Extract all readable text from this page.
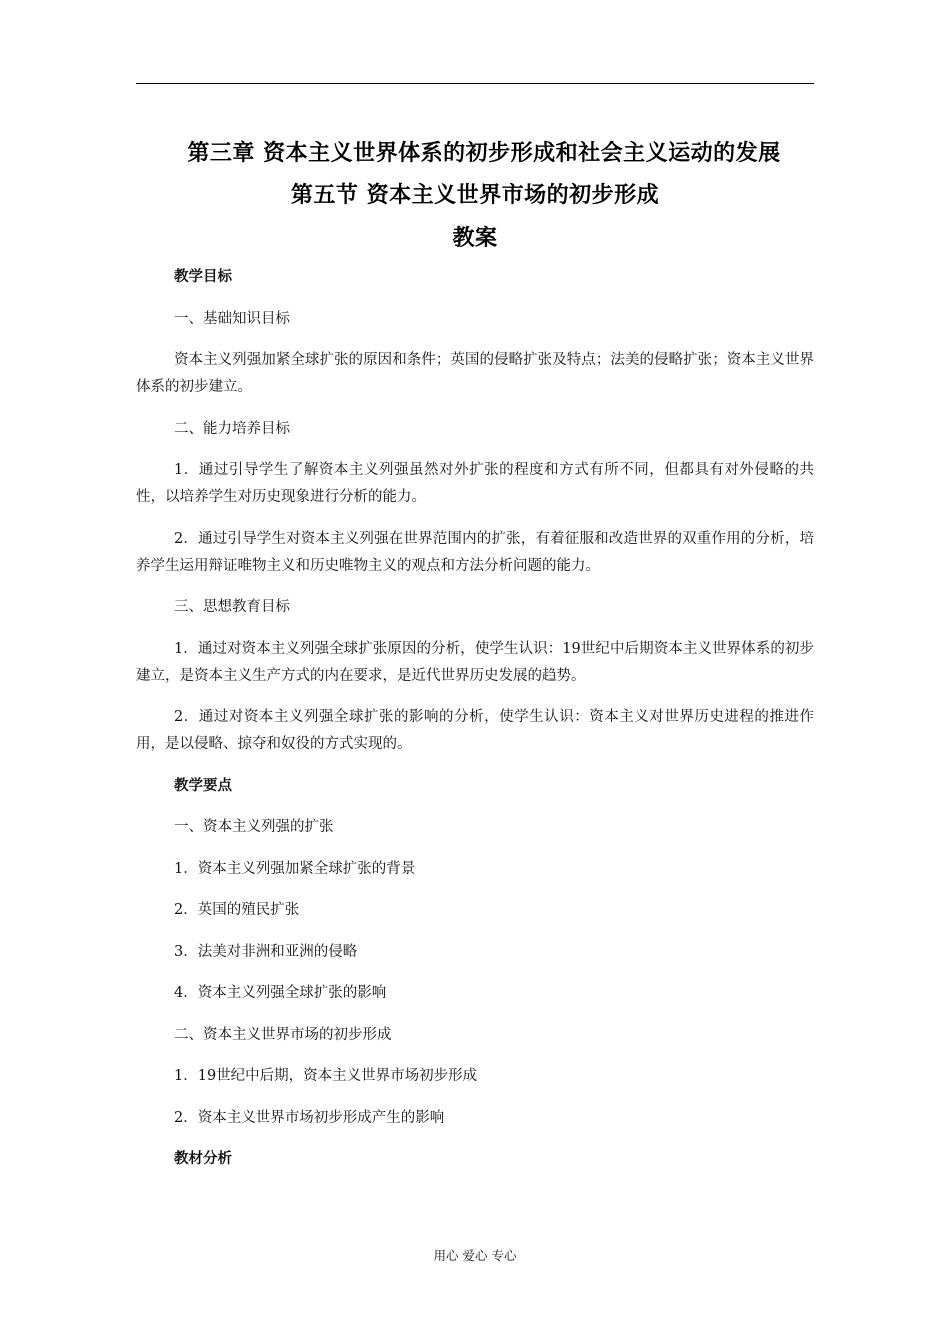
第三章 资本主义世界体系的初步形成和社会主义运动的发展
第五节 资本主义世界市场的初步形成
教案

教学目标

一、基础知识目标

资本主义列强加紧全球扩张的原因和条件；英国的侵略扩张及特点；法美的侵略扩张；资本主义世界体系的初步建立。

二、能力培养目标

1．通过引导学生了解资本主义列强虽然对外扩张的程度和方式有所不同，但都具有对外侵略的共性，以培养学生对历史现象进行分析的能力。

2．通过引导学生对资本主义列强在世界范围内的扩张，有着征服和改造世界的双重作用的分析，培养学生运用辩证唯物主义和历史唯物主义的观点和方法分析问题的能力。

三、思想教育目标

1．通过对资本主义列强全球扩张原因的分析，使学生认识：19世纪中后期资本主义世界体系的初步建立，是资本主义生产方式的内在要求，是近代世界历史发展的趋势。

2．通过对资本主义列强全球扩张的影响的分析，使学生认识：资本主义对世界历史进程的推进作用，是以侵略、掠夺和奴役的方式实现的。

教学要点

一、资本主义列强的扩张

1．资本主义列强加紧全球扩张的背景

2．英国的殖民扩张

3．法美对非洲和亚洲的侵略

4．资本主义列强全球扩张的影响

二、资本主义世界市场的初步形成

1．19世纪中后期，资本主义世界市场初步形成

2．资本主义世界市场初步形成产生的影响

教材分析

用心 爱心 专心
